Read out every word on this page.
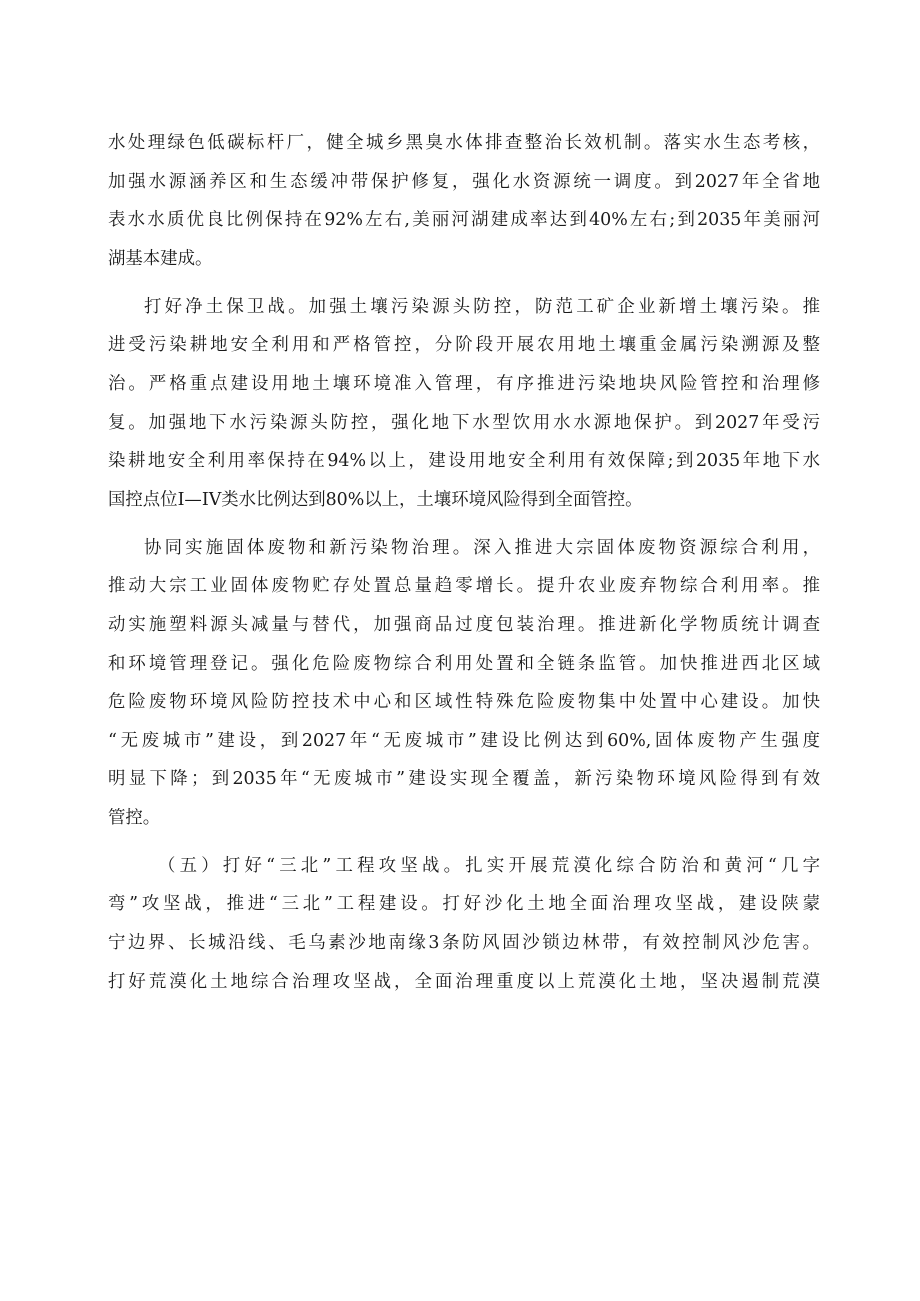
水处理绿色低碳标杆厂，健全城乡黑臭水体排查整治长效机制。落实水生态考核，
加强水源涵养区和生态缓冲带保护修复，强化水资源统一调度。到2027年全省地
表水水质优良比例保持在92%左右,美丽河湖建成率达到40%左右;到2035年美丽河
湖基本建成。
打好净土保卫战。加强土壤污染源头防控，防范工矿企业新增土壤污染。推
进受污染耕地安全利用和严格管控，分阶段开展农用地土壤重金属污染溯源及整
治。严格重点建设用地土壤环境准入管理，有序推进污染地块风险管控和治理修
复。加强地下水污染源头防控，强化地下水型饮用水水源地保护。到2027年受污
染耕地安全利用率保持在94%以上，建设用地安全利用有效保障;到2035年地下水
国控点位I—IV类水比例达到80%以上，土壤环境风险得到全面管控。
协同实施固体废物和新污染物治理。深入推进大宗固体废物资源综合利用，
推动大宗工业固体废物贮存处置总量趋零增长。提升农业废弃物综合利用率。推
动实施塑料源头减量与替代，加强商品过度包装治理。推进新化学物质统计调查
和环境管理登记。强化危险废物综合利用处置和全链条监管。加快推进西北区域
危险废物环境风险防控技术中心和区域性特殊危险废物集中处置中心建设。加快
“无废城市”建设，到2027年“无废城市”建设比例达到60%,固体废物产生强度
明显下降；到2035年“无废城市”建设实现全覆盖，新污染物环境风险得到有效
管控。
（五）打好“三北”工程攻坚战。扎实开展荒漠化综合防治和黄河“几字
弯”攻坚战，推进“三北”工程建设。打好沙化土地全面治理攻坚战，建设陕蒙
宁边界、长城沿线、毛乌素沙地南缘3条防风固沙锁边林带，有效控制风沙危害。
打好荒漠化土地综合治理攻坚战，全面治理重度以上荒漠化土地，坚决遏制荒漠
